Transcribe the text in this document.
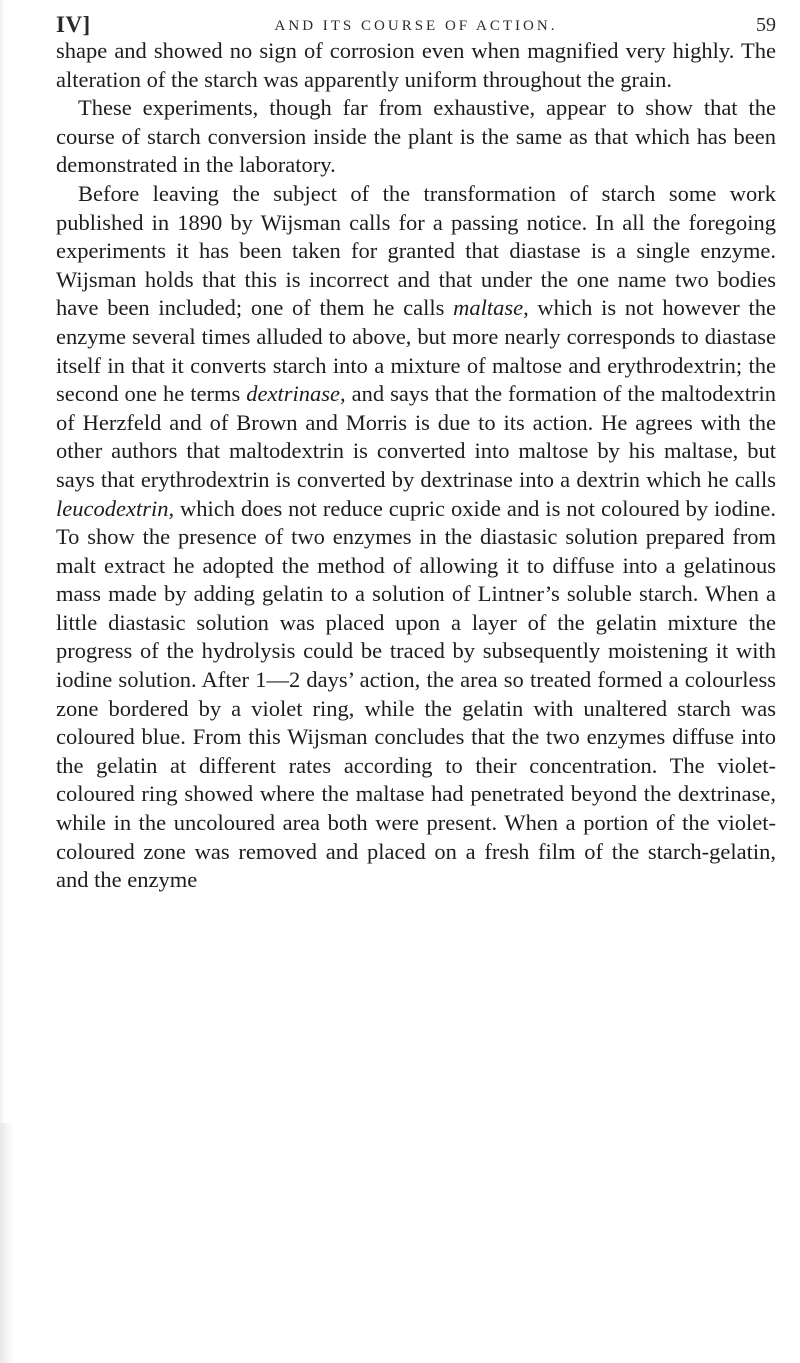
IV]	AND ITS COURSE OF ACTION.	59

shape and showed no sign of corrosion even when magnified very highly. The alteration of the starch was apparently uniform throughout the grain.

These experiments, though far from exhaustive, appear to show that the course of starch conversion inside the plant is the same as that which has been demonstrated in the laboratory.

Before leaving the subject of the transformation of starch some work published in 1890 by Wijsman calls for a passing notice. In all the foregoing experiments it has been taken for granted that diastase is a single enzyme. Wijsman holds that this is incorrect and that under the one name two bodies have been included; one of them he calls maltase, which is not however the enzyme several times alluded to above, but more nearly corresponds to diastase itself in that it converts starch into a mixture of maltose and erythrodextrin; the second one he terms dextrinase, and says that the formation of the maltodextrin of Herzfeld and of Brown and Morris is due to its action. He agrees with the other authors that maltodextrin is converted into maltose by his maltase, but says that erythrodextrin is converted by dextrinase into a dextrin which he calls leucodextrin, which does not reduce cupric oxide and is not coloured by iodine. To show the presence of two enzymes in the diastasic solution prepared from malt extract he adopted the method of allowing it to diffuse into a gelatinous mass made by adding gelatin to a solution of Lintner’s soluble starch. When a little diastasic solution was placed upon a layer of the gelatin mixture the progress of the hydrolysis could be traced by subsequently moistening it with iodine solution. After 1—2 days’ action, the area so treated formed a colourless zone bordered by a violet ring, while the gelatin with unaltered starch was coloured blue. From this Wijsman concludes that the two enzymes diffuse into the gelatin at different rates according to their concentration. The violet-coloured ring showed where the maltase had penetrated beyond the dextrinase, while in the uncoloured area both were present. When a portion of the violet-coloured zone was removed and placed on a fresh film of the starch-gelatin, and the enzyme
